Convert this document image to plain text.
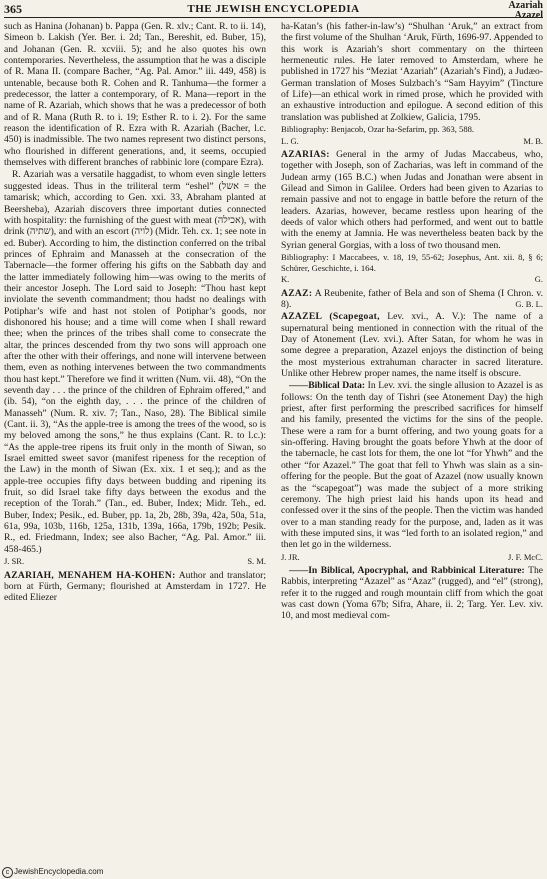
365	THE JEWISH ENCYCLOPEDIA	Azariah
Azazel

such as Hanina (Johanan) b. Pappa (Gen. R. xlv.; Cant. R. to ii. 14), Simeon b. Lakish (Yer. Ber. i. 2d; Tan., Bereshit, ed. Buber, 15), and Johanan (Gen. R. xcviii. 5); and he also quotes his own contemporaries. Nevertheless, the assumption that he was a disciple of R. Mana II. (compare Bacher, “Ag. Pal. Amor.” iii. 449, 458) is untenable, because both R. Cohen and R. Tanhuma—the former a predecessor, the latter a contemporary, of R. Mana—report in the name of R. Azariah, which shows that he was a predecessor of both and of R. Mana (Ruth R. to i. 19; Esther R. to i. 2). For the same reason the identification of R. Ezra with R. Azariah (Bacher, l.c. 450) is inadmissible. The two names represent two distinct persons, who flourished in different generations, and, it seems, occupied themselves with different branches of rabbinic lore (compare Ezra).

R. Azariah was a versatile haggadist, to whom even single letters suggested ideas. Thus in the triliteral term “eshel” (אשל = the tamarisk; which, according to Gen. xxi. 33, Abraham planted at Beersheba), Azariah discovers three important duties connected with hospitality: the furnishing of the guest with meat (אכילה), with drink (שתיה), and with an escort (לויה) (Midr. Teh. cx. 1; see note in ed. Buber). According to him, the distinction conferred on the tribal princes of Ephraim and Manasseh at the consecration of the Tabernacle—the former offering his gifts on the Sabbath day and the latter immediately following him—was owing to the merits of their ancestor Joseph. The Lord said to Joseph: “Thou hast kept inviolate the seventh commandment; thou hadst no dealings with Potiphar’s wife and hast not stolen of Potiphar’s goods, nor dishonored his house; and a time will come when I shall reward thee; when the princes of the tribes shall come to consecrate the altar, the princes descended from thy two sons will approach one after the other with their offerings, and none will intervene between them, even as nothing intervenes between the two commandments thou hast kept.” Therefore we find it written (Num. vii. 48), “On the seventh day . . . the prince of the children of Ephraim offered,” and (ib. 54), “on the eighth day, . . . the prince of the children of Manasseh” (Num. R. xiv. 7; Tan., Naso, 28). The Biblical simile (Cant. ii. 3), “As the apple-tree is among the trees of the wood, so is my beloved among the sons,” he thus explains (Cant. R. to l.c.): “As the apple-tree ripens its fruit only in the month of Siwan, so Israel emitted sweet savor (manifest ripeness for the reception of the Law) in the month of Siwan (Ex. xix. 1 et seq.); and as the apple-tree occupies fifty days between budding and ripening its fruit, so did Israel take fifty days between the exodus and the reception of the Torah.” (Tan., ed. Buber, Index; Midr. Teh., ed. Buber, Index; Pesik., ed. Buber, pp. 1a, 2b, 28b, 39a, 42a, 50a, 51a, 61a, 99a, 103b, 116b, 125a, 131b, 139a, 166a, 179b, 192b; Pesik. R., ed. Friedmann, Index; see also Bacher, “Ag. Pal. Amor.” iii. 458-465.)

J. SR.	S. M.

AZARIAH, MENAHEM HA-KOHEN: Author and translator; born at Fürth, Germany; flourished at Amsterdam in 1727. He edited Eliezer

ha-Katan’s (his father-in-law’s) “Shulhan ‘Aruk,” an extract from the first volume of the Shulhan ‘Aruk, Fürth, 1696-97. Appended to this work is Azariah’s short commentary on the thirteen hermeneutic rules. He later removed to Amsterdam, where he published in 1727 his “Meziat ‘Azariah” (Azariah’s Find), a Judæo-German translation of Moses Sulzbach’s “Sam Hayyim” (Tincture of Life)—an ethical work in rimed prose, which he provided with an exhaustive introduction and epilogue. A second edition of this translation was published at Zolkiew, Galicia, 1795.

Bibliography: Benjacob, Ozar ha-Sefarim, pp. 363, 588.

L. G.	M. B.

AZARIAS: General in the army of Judas Maccabeus, who, together with Joseph, son of Zacharias, was left in command of the Judean army (165 B.C.) when Judas and Jonathan were absent in Gilead and Simon in Galilee. Orders had been given to Azarias to remain passive and not to engage in battle before the return of the leaders. Azarias, however, became restless upon hearing of the deeds of valor which others had performed, and went out to battle with the enemy at Jamnia. He was nevertheless beaten back by the Syrian general Gorgias, with a loss of two thousand men.

Bibliography: I Maccabees, v. 18, 19, 55-62; Josephus, Ant. xii. 8, § 6; Schürer, Geschichte, i. 164.

K.	G.

AZAZ: A Reubenite, father of Bela and son of Shema (I Chron. v. 8).	G. B. L.

AZAZEL (Scapegoat, Lev. xvi., A. V.): The name of a supernatural being mentioned in connection with the ritual of the Day of Atonement (Lev. xvi.). After Satan, for whom he was in some degree a preparation, Azazel enjoys the distinction of being the most mysterious extrahuman character in sacred literature. Unlike other Hebrew proper names, the name itself is obscure.

——Biblical Data: In Lev. xvi. the single allusion to Azazel is as follows: On the tenth day of Tishri (see Atonement Day) the high priest, after first performing the prescribed sacrifices for himself and his family, presented the victims for the sins of the people. These were a ram for a burnt offering, and two young goats for a sin-offering. Having brought the goats before Yhwh at the door of the tabernacle, he cast lots for them, the one lot “for Yhwh” and the other “for Azazel.” The goat that fell to Yhwh was slain as a sin-offering for the people. But the goat of Azazel (now usually known as the “scapegoat”) was made the subject of a more striking ceremony. The high priest laid his hands upon its head and confessed over it the sins of the people. Then the victim was handed over to a man standing ready for the purpose, and, laden as it was with these imputed sins, it was “led forth to an isolated region,” and then let go in the wilderness.

J. JR.	J. F. McC.

——In Biblical, Apocryphal, and Rabbinical Literature: The Rabbis, interpreting “Azazel” as “Azaz” (rugged), and “el” (strong), refer it to the rugged and rough mountain cliff from which the goat was cast down (Yoma 67b; Sifra, Ahare, ii. 2; Targ. Yer. Lev. xiv. 10, and most medieval com-

c JewishEncyclopedia.com
